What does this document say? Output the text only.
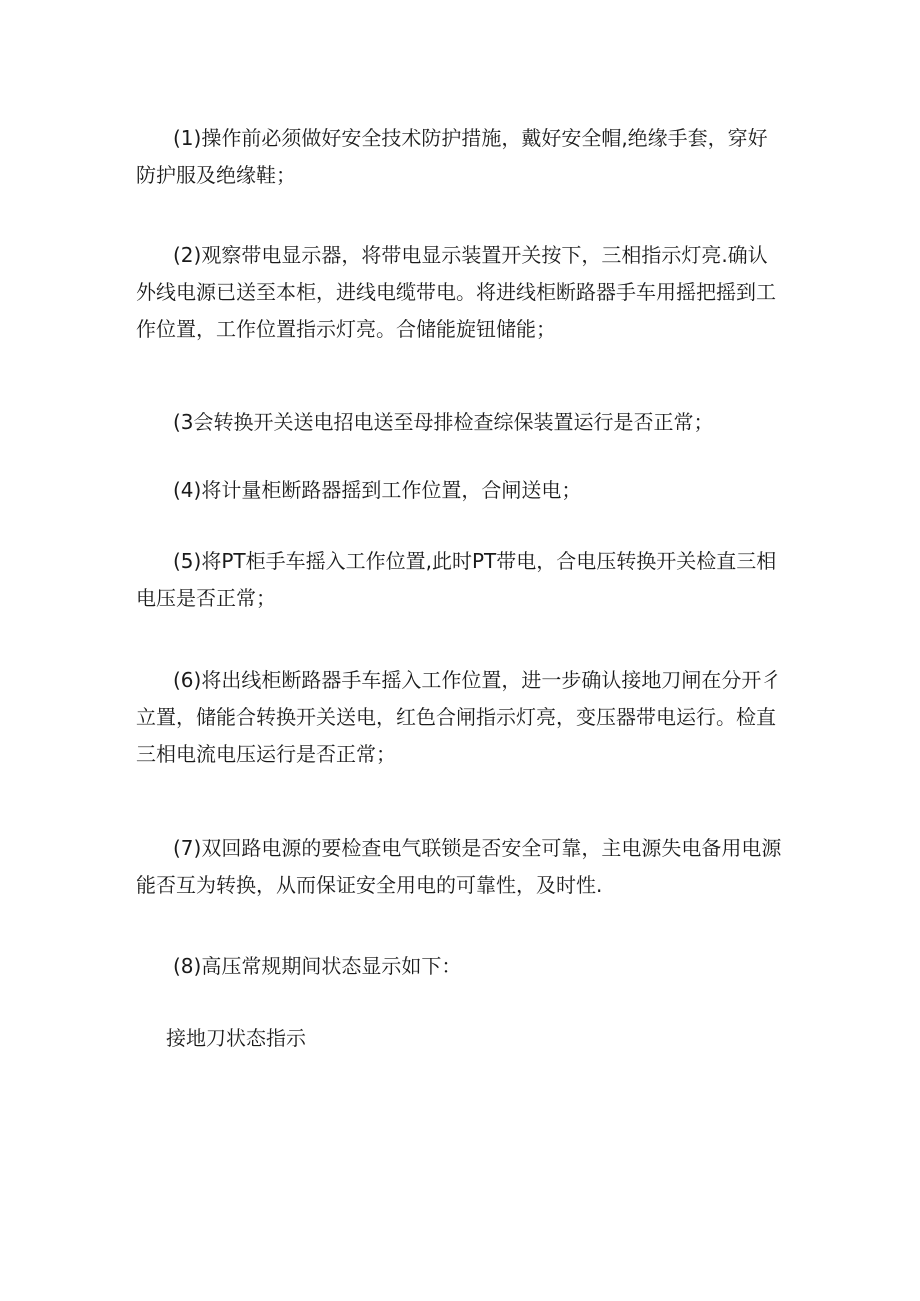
(1)操作前必须做好安全技术防护措施，戴好安全帽,绝缘手套，穿好防护服及绝缘鞋；
(2)观察带电显示器，将带电显示装置开关按下，三相指示灯亮.确认外线电源已送至本柜，进线电缆带电。将进线柜断路器手车用摇把摇到工作位置，工作位置指示灯亮。合储能旋钮储能；
(3会转换开关送电招电送至母排检查综保装置运行是否正常；
(4)将计量柜断路器摇到工作位置，合闸送电；
(5)将PT柜手车摇入工作位置,此时PT带电，合电压转换开关检直三相电压是否正常；
(6)将出线柜断路器手车摇入工作位置，进一步确认接地刀闸在分开彳立置，储能合转换开关送电，红色合闸指示灯亮，变压器带电运行。检直三相电流电压运行是否正常；
(7)双回路电源的要检查电气联锁是否安全可靠，主电源失电备用电源能否互为转换，从而保证安全用电的可靠性，及时性.
(8)高压常规期间状态显示如下：
接地刀状态指示
